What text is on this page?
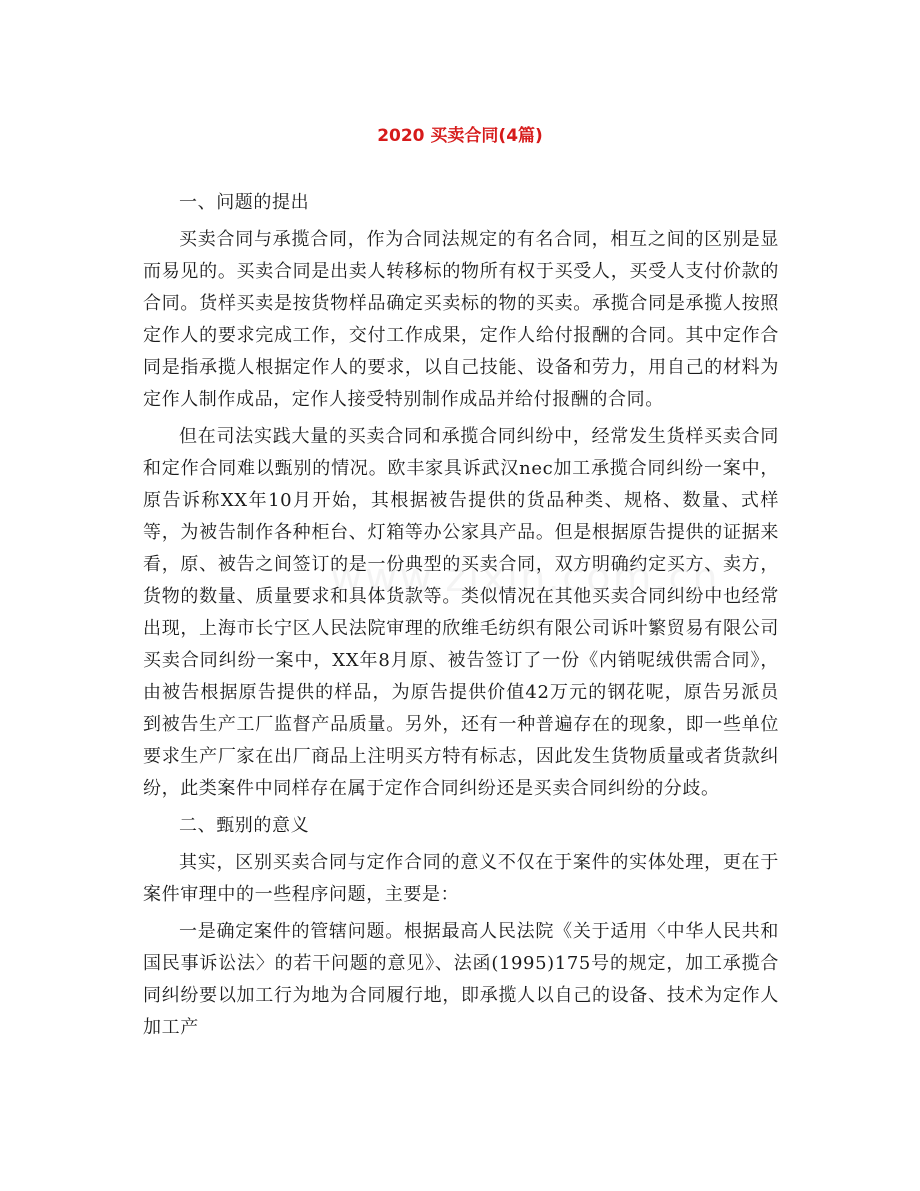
2020 买卖合同(4篇)

一、问题的提出

买卖合同与承揽合同，作为合同法规定的有名合同，相互之间的区别是显而易见的。买卖合同是出卖人转移标的物所有权于买受人，买受人支付价款的合同。货样买卖是按货物样品确定买卖标的物的买卖。承揽合同是承揽人按照定作人的要求完成工作，交付工作成果，定作人给付报酬的合同。其中定作合同是指承揽人根据定作人的要求，以自己技能、设备和劳力，用自己的材料为定作人制作成品，定作人接受特别制作成品并给付报酬的合同。

但在司法实践大量的买卖合同和承揽合同纠纷中，经常发生货样买卖合同和定作合同难以甄别的情况。欧丰家具诉武汉nec加工承揽合同纠纷一案中，原告诉称XX年10月开始，其根据被告提供的货品种类、规格、数量、式样等，为被告制作各种柜台、灯箱等办公家具产品。但是根据原告提供的证据来看，原、被告之间签订的是一份典型的买卖合同，双方明确约定买方、卖方，货物的数量、质量要求和具体货款等。类似情况在其他买卖合同纠纷中也经常出现，上海市长宁区人民法院审理的欣维毛纺织有限公司诉叶繁贸易有限公司买卖合同纠纷一案中，XX年8月原、被告签订了一份《内销呢绒供需合同》，由被告根据原告提供的样品，为原告提供价值42万元的钢花呢，原告另派员到被告生产工厂监督产品质量。另外，还有一种普遍存在的现象，即一些单位要求生产厂家在出厂商品上注明买方特有标志，因此发生货物质量或者货款纠纷，此类案件中同样存在属于定作合同纠纷还是买卖合同纠纷的分歧。

二、甄别的意义

其实，区别买卖合同与定作合同的意义不仅在于案件的实体处理，更在于案件审理中的一些程序问题，主要是：

一是确定案件的管辖问题。根据最高人民法院《关于适用〈中华人民共和国民事诉讼法〉的若干问题的意见》、法函(1995)175号的规定，加工承揽合同纠纷要以加工行为地为合同履行地，即承揽人以自己的设备、技术为定作人加工产
